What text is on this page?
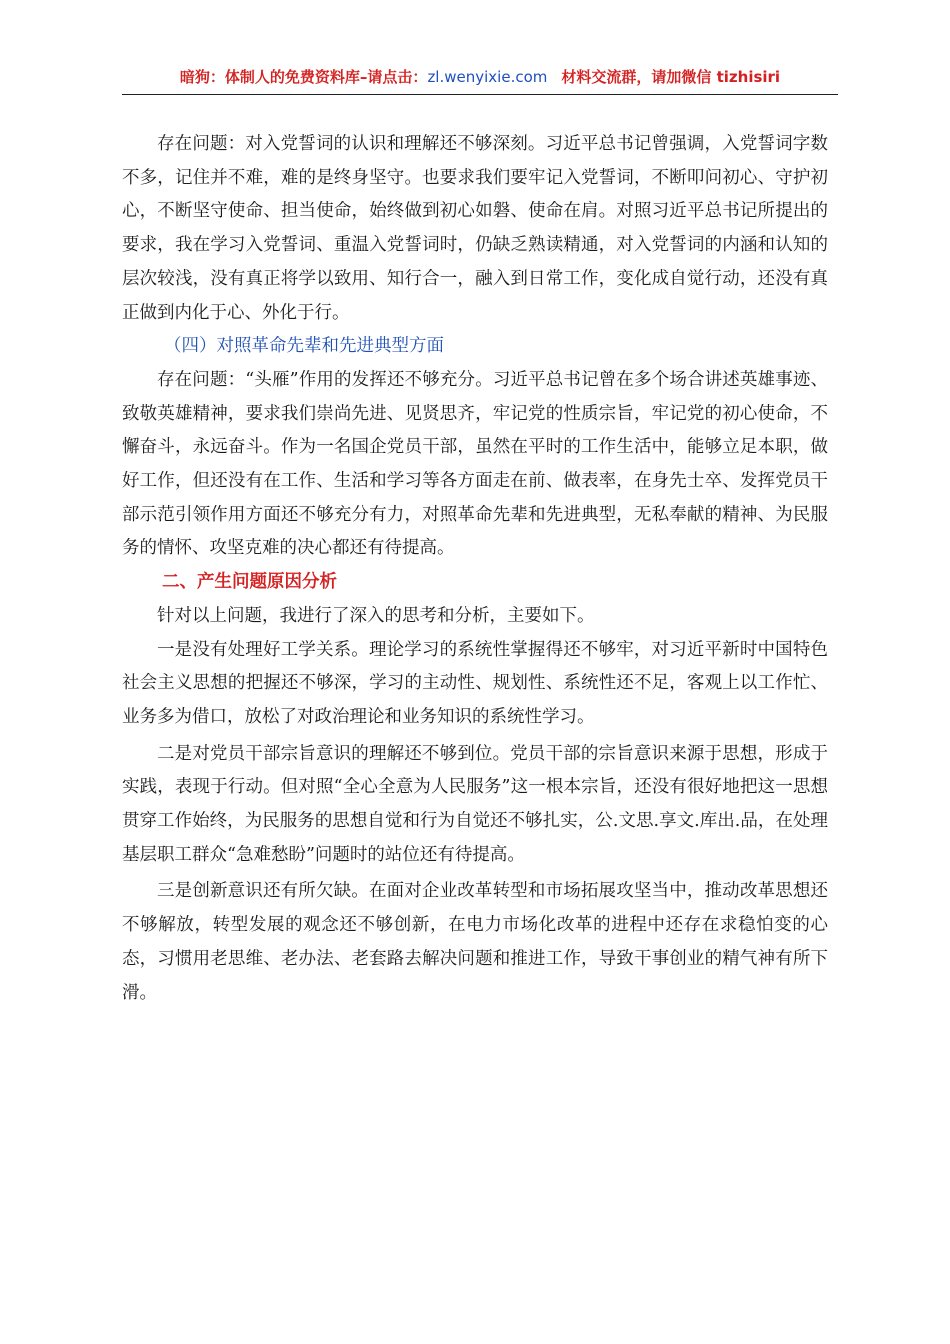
暗狗：体制人的免费资料库–请点击：zl.wenyixie.com 材料交流群，请加微信 tizhisiri

存在问题：对入党誓词的认识和理解还不够深刻。习近平总书记曾强调，入党誓词字数不多，记住并不难，难的是终身坚守。也要求我们要牢记入党誓词，不断叩问初心、守护初心，不断坚守使命、担当使命，始终做到初心如磐、使命在肩。对照习近平总书记所提出的要求，我在学习入党誓词、重温入党誓词时，仍缺乏熟读精通，对入党誓词的内涵和认知的层次较浅，没有真正将学以致用、知行合一，融入到日常工作，变化成自觉行动，还没有真正做到内化于心、外化于行。

（四）对照革命先辈和先进典型方面

存在问题：“头雁”作用的发挥还不够充分。习近平总书记曾在多个场合讲述英雄事迹、致敬英雄精神，要求我们崇尚先进、见贤思齐，牢记党的性质宗旨，牢记党的初心使命，不懈奋斗，永远奋斗。作为一名国企党员干部，虽然在平时的工作生活中，能够立足本职，做好工作，但还没有在工作、生活和学习等各方面走在前、做表率，在身先士卒、发挥党员干部示范引领作用方面还不够充分有力，对照革命先辈和先进典型，无私奉献的精神、为民服务的情怀、攻坚克难的决心都还有待提高。

二、产生问题原因分析

针对以上问题，我进行了深入的思考和分析，主要如下。

一是没有处理好工学关系。理论学习的系统性掌握得还不够牢，对习近平新时中国特色社会主义思想的把握还不够深，学习的主动性、规划性、系统性还不足，客观上以工作忙、业务多为借口，放松了对政治理论和业务知识的系统性学习。

二是对党员干部宗旨意识的理解还不够到位。党员干部的宗旨意识来源于思想，形成于实践，表现于行动。但对照“全心全意为人民服务”这一根本宗旨，还没有很好地把这一思想贯穿工作始终，为民服务的思想自觉和行为自觉还不够扎实，公.文思.享文.库出.品，在处理基层职工群众“急难愁盼”问题时的站位还有待提高。

三是创新意识还有所欠缺。在面对企业改革转型和市场拓展攻坚当中，推动改革思想还不够解放，转型发展的观念还不够创新，在电力市场化改革的进程中还存在求稳怕变的心态，习惯用老思维、老办法、老套路去解决问题和推进工作，导致干事创业的精气神有所下滑。
